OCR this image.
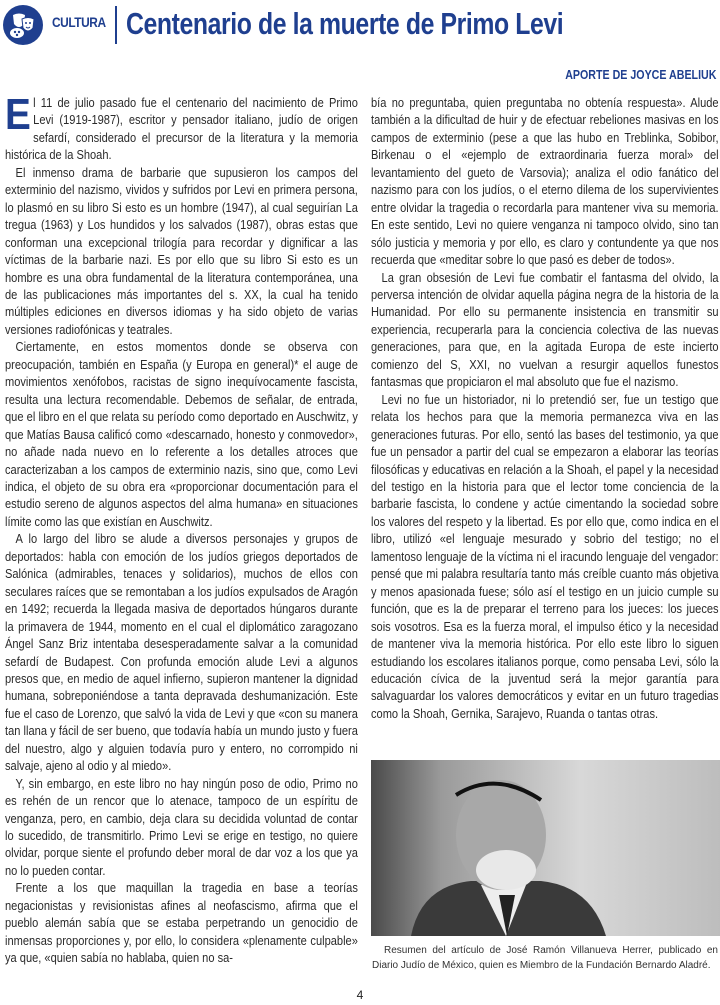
CULTURA Centenario de la muerte de Primo Levi
APORTE DE JOYCE ABELIUK

El 11 de julio pasado fue el centenario del nacimiento de Primo Levi (1919-1987), escritor y pensador italiano, judío de origen sefardí, considerado el precursor de la literatura y la memoria histórica de la Shoah.

El inmenso drama de barbarie que supusieron los campos del exterminio del nazismo, vividos y sufridos por Levi en primera persona, lo plasmó en su libro Si esto es un hombre (1947), al cual seguirían La tregua (1963) y Los hundidos y los salvados (1987), obras estas que conforman una excepcional trilogía para recordar y dignificar a las víctimas de la barbarie nazi. Es por ello que su libro Si esto es un hombre es una obra fundamental de la literatura contemporánea, una de las publicaciones más importantes del s. XX, la cual ha tenido múltiples ediciones en diversos idiomas y ha sido objeto de varias versiones radiofónicas y teatrales.

Ciertamente, en estos momentos donde se observa con preocupación, también en España (y Europa en general)* el auge de movimientos xenófobos, racistas de signo inequívocamente fascista, resulta una lectura recomendable. Debemos de señalar, de entrada, que el libro en el que relata su período como deportado en Auschwitz, y que Matías Bausa calificó como «descarnado, honesto y conmovedor», no añade nada nuevo en lo referente a los detalles atroces que caracterizaban a los campos de exterminio nazis, sino que, como Levi indica, el objeto de su obra era «proporcionar documentación para el estudio sereno de algunos aspectos del alma humana» en situaciones límite como las que existían en Auschwitz.

A lo largo del libro se alude a diversos personajes y grupos de deportados: habla con emoción de los judíos griegos deportados de Salónica (admirables, tenaces y solidarios), muchos de ellos con seculares raíces que se remontaban a los judíos expulsados de Aragón en 1492; recuerda la llegada masiva de deportados húngaros durante la primavera de 1944, momento en el cual el diplomático zaragozano Ángel Sanz Briz intentaba desesperadamente salvar a la comunidad sefardí de Budapest. Con profunda emoción alude Levi a algunos presos que, en medio de aquel infierno, supieron mantener la dignidad humana, sobreponiéndose a tanta depravada deshumanización. Este fue el caso de Lorenzo, que salvó la vida de Levi y que «con su manera tan llana y fácil de ser bueno, que todavía había un mundo justo y fuera del nuestro, algo y alguien todavía puro y entero, no corrompido ni salvaje, ajeno al odio y al miedo».

Y, sin embargo, en este libro no hay ningún poso de odio, Primo no es rehén de un rencor que lo atenace, tampoco de un espíritu de venganza, pero, en cambio, deja clara su decidida voluntad de contar lo sucedido, de transmitirlo. Primo Levi se erige en testigo, no quiere olvidar, porque siente el profundo deber moral de dar voz a los que ya no lo pueden contar.

Frente a los que maquillan la tragedia en base a teorías negacionistas y revisionistas afines al neofascismo, afirma que el pueblo alemán sabía que se estaba perpetrando un genocidio de inmensas proporciones y, por ello, lo considera «plenamente culpable» ya que, «quien sabía no hablaba, quien no sa-

bía no preguntaba, quien preguntaba no obtenía respuesta». Alude también a la dificultad de huir y de efectuar rebeliones masivas en los campos de exterminio (pese a que las hubo en Treblinka, Sobibor, Birkenau o el «ejemplo de extraordinaria fuerza moral» del levantamiento del gueto de Varsovia); analiza el odio fanático del nazismo para con los judíos, o el eterno dilema de los supervivientes entre olvidar la tragedia o recordarla para mantener viva su memoria. En este sentido, Levi no quiere venganza ni tampoco olvido, sino tan sólo justicia y memoria y por ello, es claro y contundente ya que nos recuerda que «meditar sobre lo que pasó es deber de todos».

La gran obsesión de Levi fue combatir el fantasma del olvido, la perversa intención de olvidar aquella página negra de la historia de la Humanidad. Por ello su permanente insistencia en transmitir su experiencia, recuperarla para la conciencia colectiva de las nuevas generaciones, para que, en la agitada Europa de este incierto comienzo del S, XXI, no vuelvan a resurgir aquellos funestos fantasmas que propiciaron el mal absoluto que fue el nazismo.

Levi no fue un historiador, ni lo pretendió ser, fue un testigo que relata los hechos para que la memoria permanezca viva en las generaciones futuras. Por ello, sentó las bases del testimonio, ya que fue un pensador a partir del cual se empezaron a elaborar las teorías filosóficas y educativas en relación a la Shoah, el papel y la necesidad del testigo en la historia para que el lector tome conciencia de la barbarie fascista, lo condene y actúe cimentando la sociedad sobre los valores del respeto y la libertad. Es por ello que, como indica en el libro, utilizó «el lenguaje mesurado y sobrio del testigo; no el lamentoso lenguaje de la víctima ni el iracundo lenguaje del vengador: pensé que mi palabra resultaría tanto más creíble cuanto más objetiva y menos apasionada fuese; sólo así el testigo en un juicio cumple su función, que es la de preparar el terreno para los jueces: los jueces sois vosotros. Esa es la fuerza moral, el impulso ético y la necesidad de mantener viva la memoria histórica. Por ello este libro lo siguen estudiando los escolares italianos porque, como pensaba Levi, sólo la educación cívica de la juventud será la mejor garantía para salvaguardar los valores democráticos y evitar en un futuro tragedias como la Shoah, Gernika, Sarajevo, Ruanda o tantas otras.

Resumen del artículo de José Ramón Villanueva Herrer, publicado en Diario Judío de México, quien es Miembro de la Fundación Bernardo Aladré.
4
